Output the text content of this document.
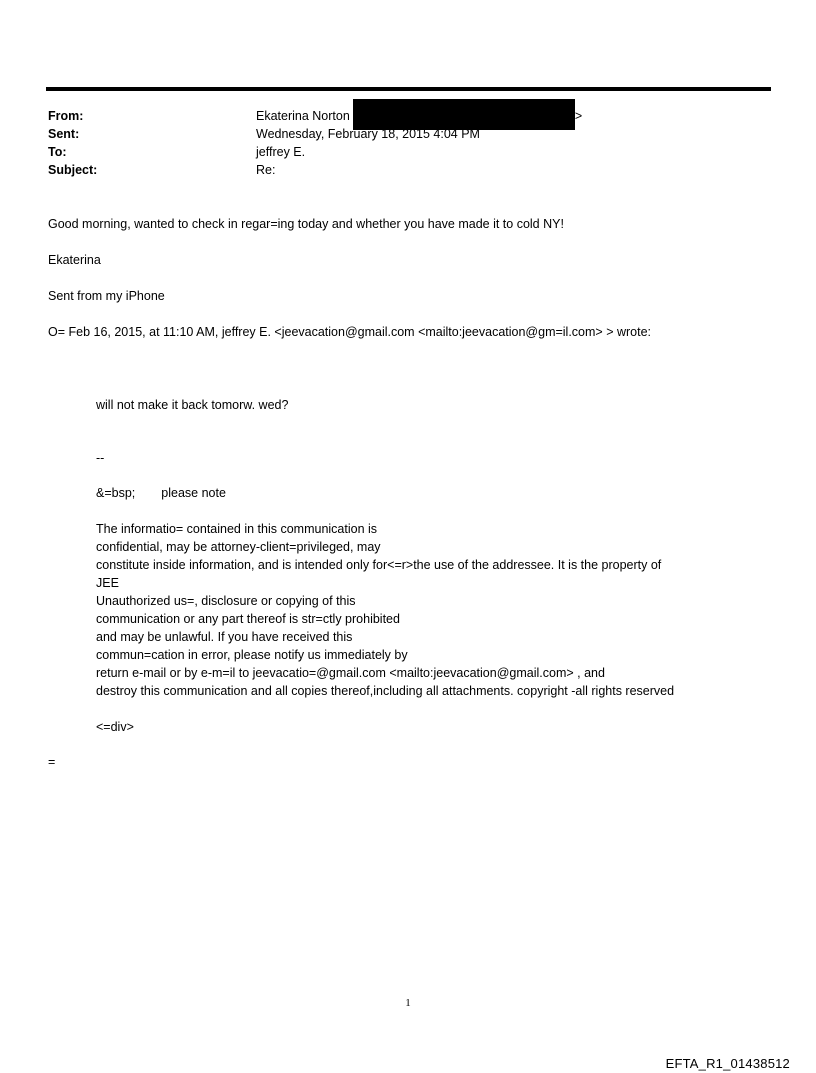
From:	Ekaterina Norton	>
Sent:	Wednesday, February 18, 2015 4:04 PM
To:	jeffrey E.
Subject:	Re:
Good morning, wanted to check in regar=ing today and whether you have made it to cold NY!
Ekaterina
Sent from my iPhone
O= Feb 16, 2015, at 11:10 AM, jeffrey E. <jeevacation@gmail.com <mailto:jeevacation@gm=il.com> > wrote:
will not make it back tomorw. wed?
--
&=bsp; please note
The informatio= contained in this communication is
confidential, may be attorney-client=privileged, may
constitute inside information, and is intended only for<=r>the use of the addressee. It is the property of
JEE
Unauthorized us=, disclosure or copying of this
communication or any part thereof is str=ctly prohibited
and may be unlawful. If you have received this
commun=cation in error, please notify us immediately by
return e-mail or by e-m=il to jeevacatio=@gmail.com <mailto:jeevacation@gmail.com> , and
destroy this communication and all copies thereof,including all attachments. copyright -all rights reserved
<=div>
=
1
EFTA_R1_01438512
